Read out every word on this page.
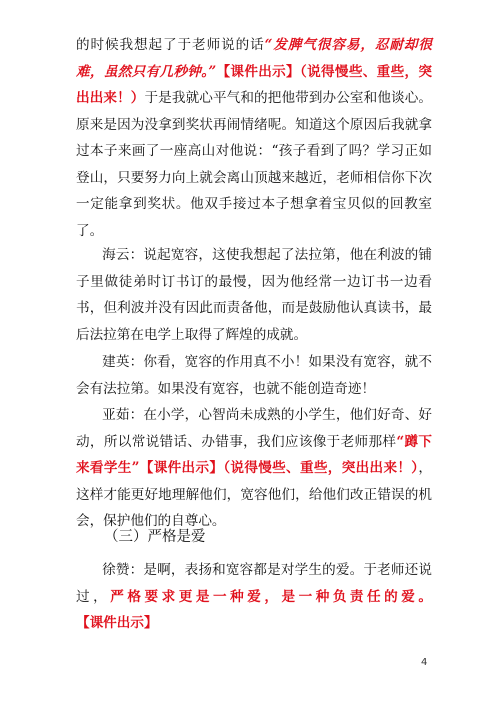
的时候我想起了于老师说的话“发脾气很容易，忍耐却很难，虽然只有几秒钟。”【课件出示】（说得慢些、重些，突出出来！）于是我就心平气和的把他带到办公室和他谈心。原来是因为没拿到奖状再闹情绪呢。知道这个原因后我就拿过本子来画了一座高山对他说：“孩子看到了吗？学习正如登山，只要努力向上就会离山顶越来越近，老师相信你下次一定能拿到奖状。他双手接过本子想拿着宝贝似的回教室了。

海云：说起宽容，这使我想起了法拉第，他在利波的铺子里做徒弟时订书订的最慢，因为他经常一边订书一边看书，但利波并没有因此而责备他，而是鼓励他认真读书，最后法拉第在电学上取得了辉煌的成就。

建英：你看，宽容的作用真不小！如果没有宽容，就不会有法拉第。如果没有宽容，也就不能创造奇迹！

亚茹：在小学，心智尚未成熟的小学生，他们好奇、好动，所以常说错话、办错事，我们应该像于老师那样“蹲下来看学生”【课件出示】（说得慢些、重些，突出出来！），这样才能更好地理解他们，宽容他们，给他们改正错误的机会，保护他们的自尊心。

（三）严格是爱

徐赞：是啊，表扬和宽容都是对学生的爱。于老师还说过，严格要求更是一种爱，是一种负责任的爱。【课件出示】

4
